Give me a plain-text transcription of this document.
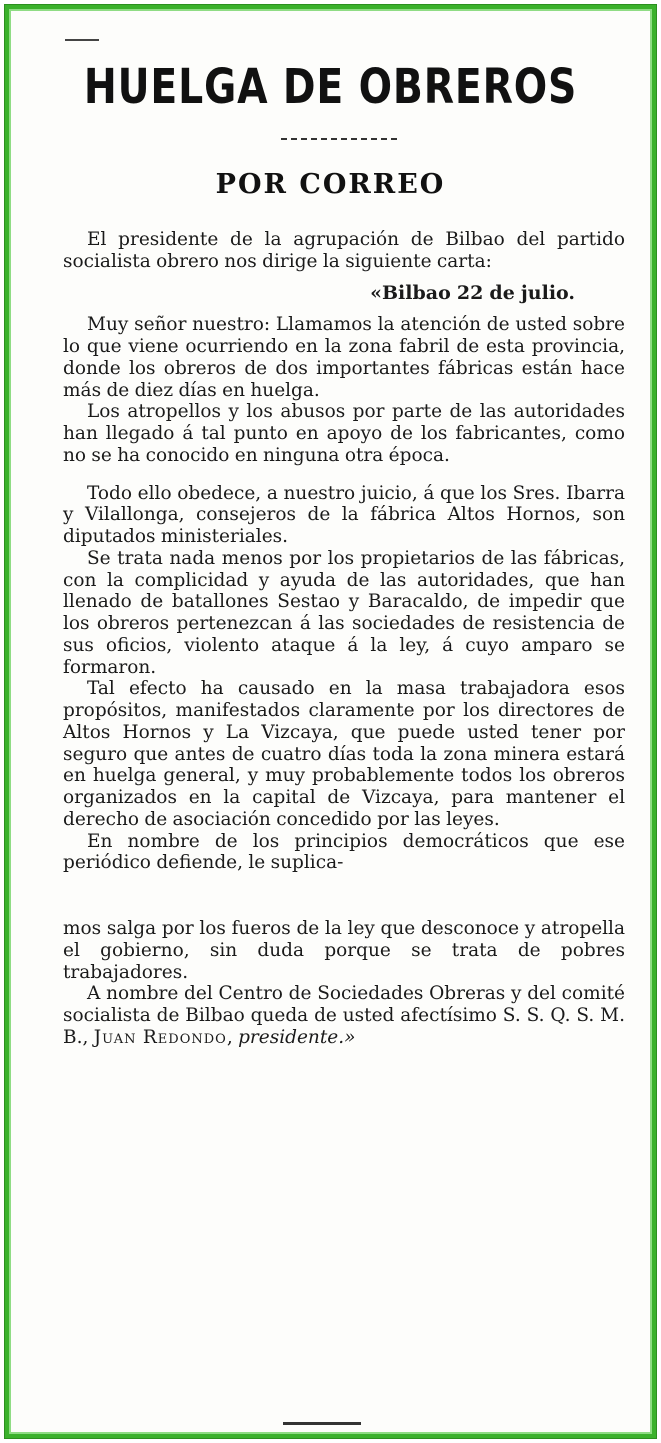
HUELGA DE OBREROS
POR CORREO

El presidente de la agrupación de Bilbao del partido socialista obrero nos dirige la siguiente carta:

«Bilbao 22 de julio.

Muy señor nuestro: Llamamos la atención de usted sobre lo que viene ocurriendo en la zona fabril de esta provincia, donde los obreros de dos importantes fábricas están hace más de diez días en huelga.

Los atropellos y los abusos por parte de las autoridades han llegado á tal punto en apoyo de los fabricantes, como no se ha conocido en ninguna otra época.

Todo ello obedece, a nuestro juicio, á que los Sres. Ibarra y Vilallonga, consejeros de la fábrica Altos Hornos, son diputados ministeriales.

Se trata nada menos por los propietarios de las fábricas, con la complicidad y ayuda de las autoridades, que han llenado de batallones Sestao y Baracaldo, de impedir que los obreros pertenezcan á las sociedades de resistencia de sus oficios, violento ataque á la ley, á cuyo amparo se formaron.

Tal efecto ha causado en la masa trabajadora esos propósitos, manifestados claramente por los directores de Altos Hornos y La Vizcaya, que puede usted tener por seguro que antes de cuatro días toda la zona minera estará en huelga general, y muy probablemente todos los obreros organizados en la capital de Vizcaya, para mantener el derecho de asociación concedido por las leyes.

En nombre de los principios democráticos que ese periódico defiende, le suplica-

mos salga por los fueros de la ley que desconoce y atropella el gobierno, sin duda porque se trata de pobres trabajadores.

A nombre del Centro de Sociedades Obreras y del comité socialista de Bilbao queda de usted afectísimo S. S. Q. S. M. B., Juan Redondo, presidente.»
